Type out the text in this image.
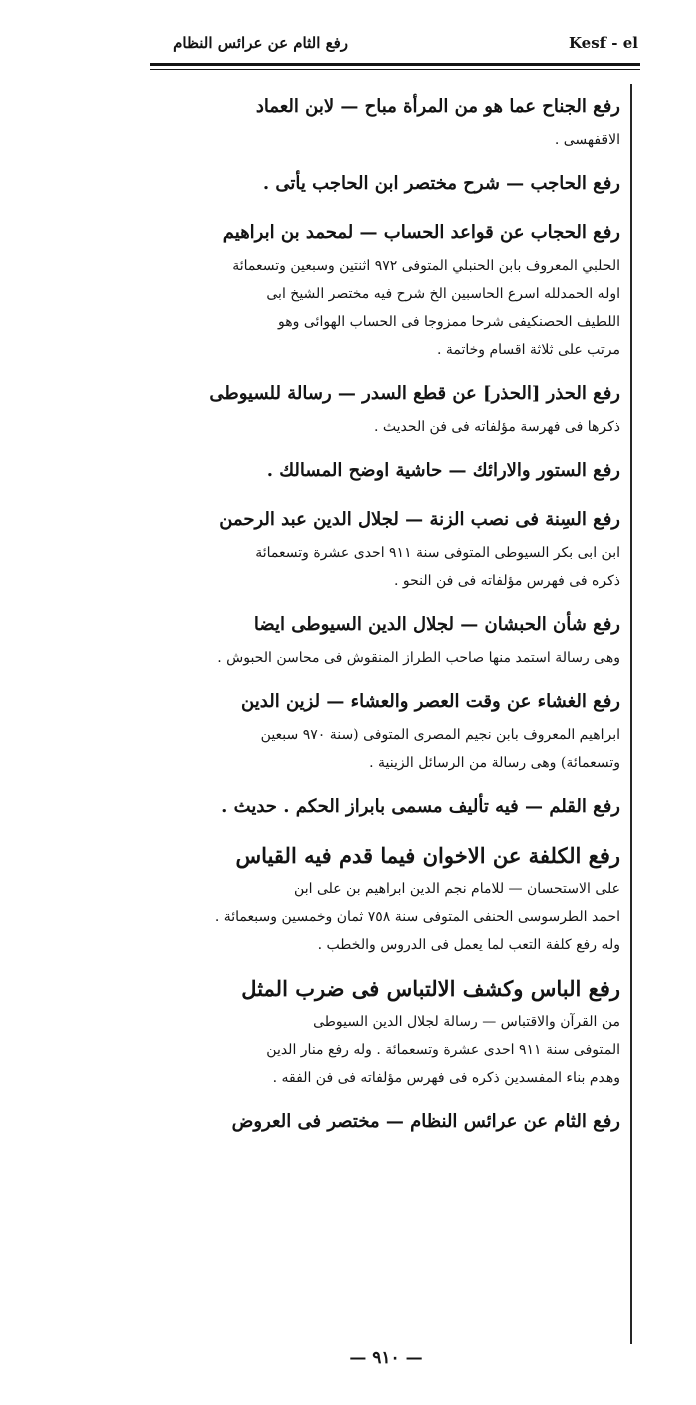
رفع الثام عن عرائس النظام	Kesf - el
رفع الجناح عما هو من المرأة مباح — لابن العماد
الاقفهسى .
رفع الحاجب — شرح مختصر ابن الحاجب يأتى .
رفع الحجاب عن قواعد الحساب — لمحمد بن ابراهيم
الحلبي المعروف بابن الحنبلي المتوفى ٩٧٢ اثنتين وسبعين وتسعمائة
اوله الحمدلله اسرع الحاسبين الخ شرح فيه مختصر الشيخ ابى
اللطيف الحصنكيفى شرحا ممزوجا فى الحساب الهوائى وهو
مرتب على ثلاثة اقسام وخاتمة .
رفع الحذر [الحذر] عن قطع السدر — رسالة للسيوطى
ذكرها فى فهرسة مؤلفاته فى فن الحديث .
رفع الستور والارائك — حاشية اوضح المسالك .
رفع السِنة فى نصب الزنة — لجلال الدين عبد الرحمن
ابن ابى بكر السيوطى المتوفى سنة ٩١١ احدى عشرة وتسعمائة
ذكره فى فهرس مؤلفاته فى فن النحو .
رفع شأن الحبشان — لجلال الدين السيوطى ايضا
وهى رسالة استمد منها صاحب الطراز المنقوش فى محاسن الحبوش .
رفع الغشاء عن وقت العصر والعشاء — لزين الدين
ابراهيم المعروف بابن نجيم المصرى المتوفى (سنة ٩٧٠ سبعين
وتسعمائة) وهى رسالة من الرسائل الزينية .
رفع القلم — فيه تأليف مسمى بابراز الحكم . حديث .
رفع الكلفة عن الاخوان فيما قدم فيه القياس
على الاستحسان — للامام نجم الدين ابراهيم بن على ابن
احمد الطرسوسى الحنفى المتوفى سنة ٧٥٨ ثمان وخمسين وسبعمائة .
وله رفع كلفة التعب لما يعمل فى الدروس والخطب .
رفع الباس وكشف الالتباس فى ضرب المثل
من القرآن والاقتباس — رسالة لجلال الدين السيوطى
المتوفى سنة ٩١١ احدى عشرة وتسعمائة . وله رفع منار الدين
وهدم بناء المفسدين ذكره فى فهرس مؤلفاته فى فن الفقه .
رفع الثام عن عرائس النظام — مختصر فى العروض
— ٩١٠ —
